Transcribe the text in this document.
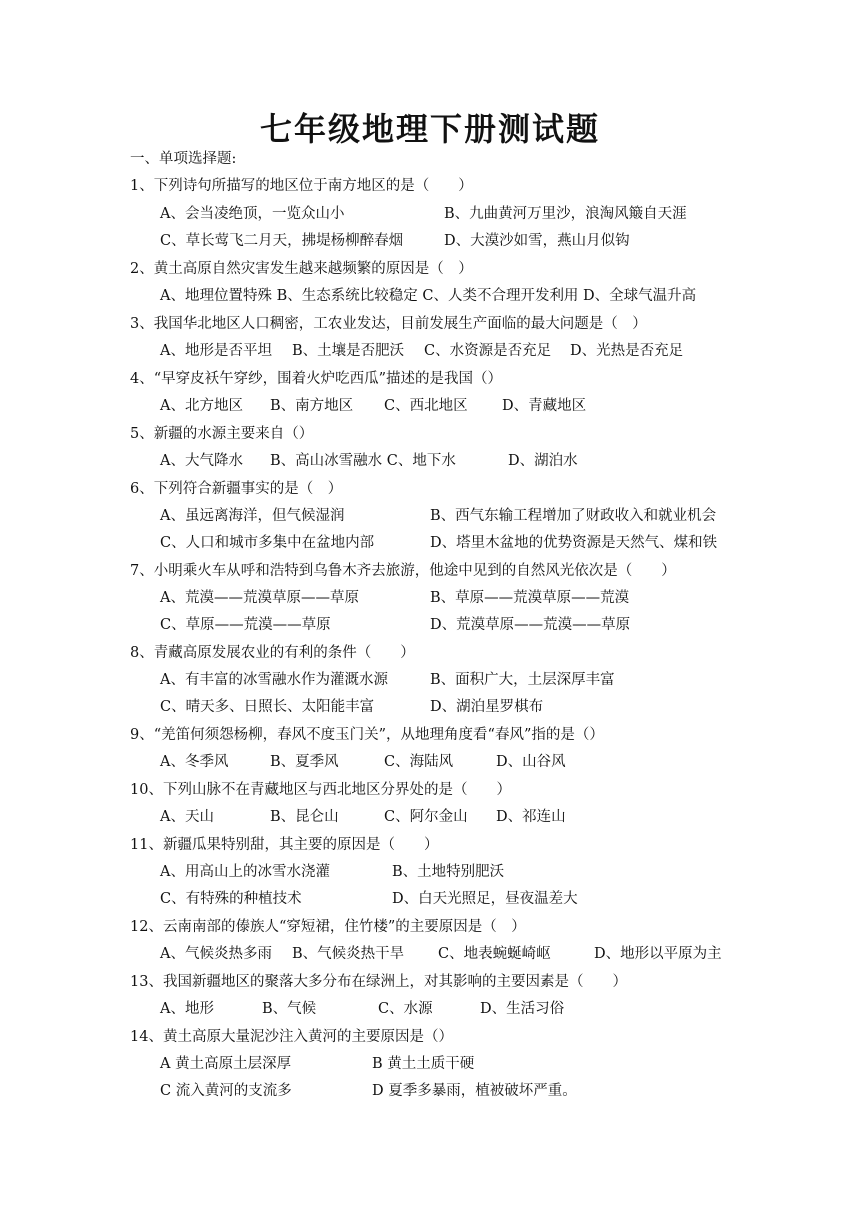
七年级地理下册测试题
一、单项选择题:
1、下列诗句所描写的地区位于南方地区的是（　　）
A、会当凌绝顶，一览众山小	B、九曲黄河万里沙，浪淘风簸自天涯
C、草长莺飞二月天，拂堤杨柳醉春烟	D、大漠沙如雪，燕山月似钩
2、黄土高原自然灾害发生越来越频繁的原因是（　）
A、地理位置特殊 B、生态系统比较稳定 C、人类不合理开发利用 D、全球气温升高
3、我国华北地区人口稠密，工农业发达，目前发展生产面临的最大问题是（　）
A、地形是否平坦 B、土壤是否肥沃 C、水资源是否充足 D、光热是否充足
4、“早穿皮袄午穿纱，围着火炉吃西瓜”描述的是我国（）
A、北方地区 B、南方地区 C、西北地区 D、青藏地区
5、新疆的水源主要来自（）
A、大气降水 B、高山冰雪融水 C、地下水	D、湖泊水
6、下列符合新疆事实的是（　）
A、虽远离海洋，但气候湿润	B、西气东输工程增加了财政收入和就业机会
C、人口和城市多集中在盆地内部	D、塔里木盆地的优势资源是天然气、煤和铁
7、小明乘火车从呼和浩特到乌鲁木齐去旅游，他途中见到的自然风光依次是（　　）
A、荒漠——荒漠草原——草原	B、草原——荒漠草原——荒漠
C、草原——荒漠——草原	D、荒漠草原——荒漠——草原
8、青藏高原发展农业的有利的条件（　　）
A、有丰富的冰雪融水作为灌溉水源	B、面积广大，土层深厚丰富
C、晴天多、日照长、太阳能丰富	D、湖泊星罗棋布
9、“羌笛何须怨杨柳，春风不度玉门关”，从地理角度看“春风”指的是（）
A、冬季风	B、夏季风	C、海陆风	D、山谷风
10、下列山脉不在青藏地区与西北地区分界处的是（　　）
A、天山	B、昆仑山	C、阿尔金山 D、祁连山
11、新疆瓜果特别甜，其主要的原因是（　　）
A、用高山上的冰雪水浇灌	B、土地特别肥沃
C、有特殊的种植技术	D、白天光照足，昼夜温差大
12、云南南部的傣族人“穿短裙，住竹楼”的主要原因是（　）
A、气候炎热多雨 B、气候炎热干旱 C、地表蜿蜒崎岖	D、地形以平原为主
13、我国新疆地区的聚落大多分布在绿洲上，对其影响的主要因素是（　　）
A、地形	B、气候	C、水源	D、生活习俗
14、黄土高原大量泥沙注入黄河的主要原因是（）
A 黄土高原土层深厚	B 黄土土质干硬
C 流入黄河的支流多	D 夏季多暴雨，植被破坏严重。
